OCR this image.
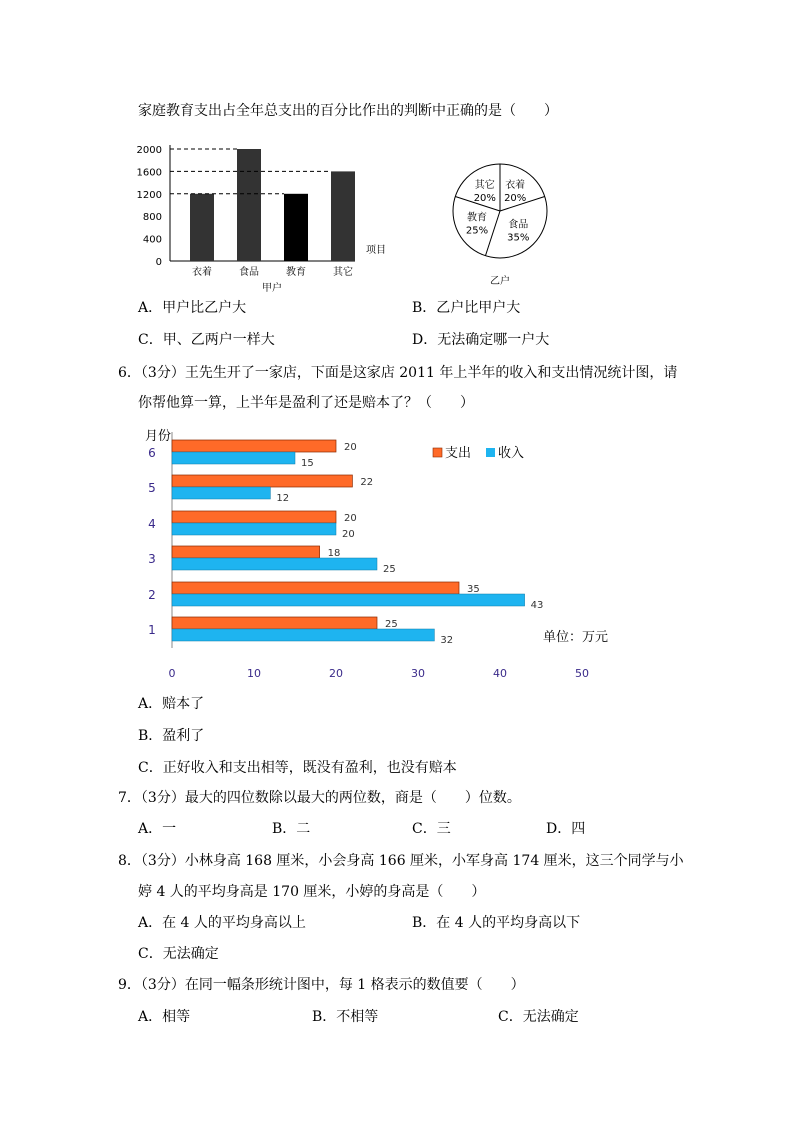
家庭教育支出占全年总支出的百分比作出的判断中正确的是（　　）
0
400
800
1200
1600
2000
衣着	食品	教育	其它
项目
甲户
其它
20%
衣着
20%
食品
35%
教育
25%
乙户
A．甲户比乙户大	B．乙户比甲户大
C．甲、乙两户一样大	D．无法确定哪一户大
6．（3分）王先生开了一家店，下面是这家店 2011 年上半年的收入和支出情况统计图，请
你帮他算一算，上半年是盈利了还是赔本了？（　　）
月份
25
32
1
35
43
2
18
25
3
20
20
4
22
12
5
20
15
6
0	10	20	30	40	50
支出 收入
单位：万元
A．赔本了
B．盈利了
C．正好收入和支出相等，既没有盈利，也没有赔本
7．（3分）最大的四位数除以最大的两位数，商是（　　）位数。
A．一	B．二	C．三	D．四
8．（3分）小林身高 168 厘米，小会身高 166 厘米，小军身高 174 厘米，这三个同学与小
婷 4 人的平均身高是 170 厘米，小婷的身高是（　　）
A．在 4 人的平均身高以上	B．在 4 人的平均身高以下
C．无法确定
9．（3分）在同一幅条形统计图中，每 1 格表示的数值要（　　）
A．相等	B．不相等	C．无法确定
